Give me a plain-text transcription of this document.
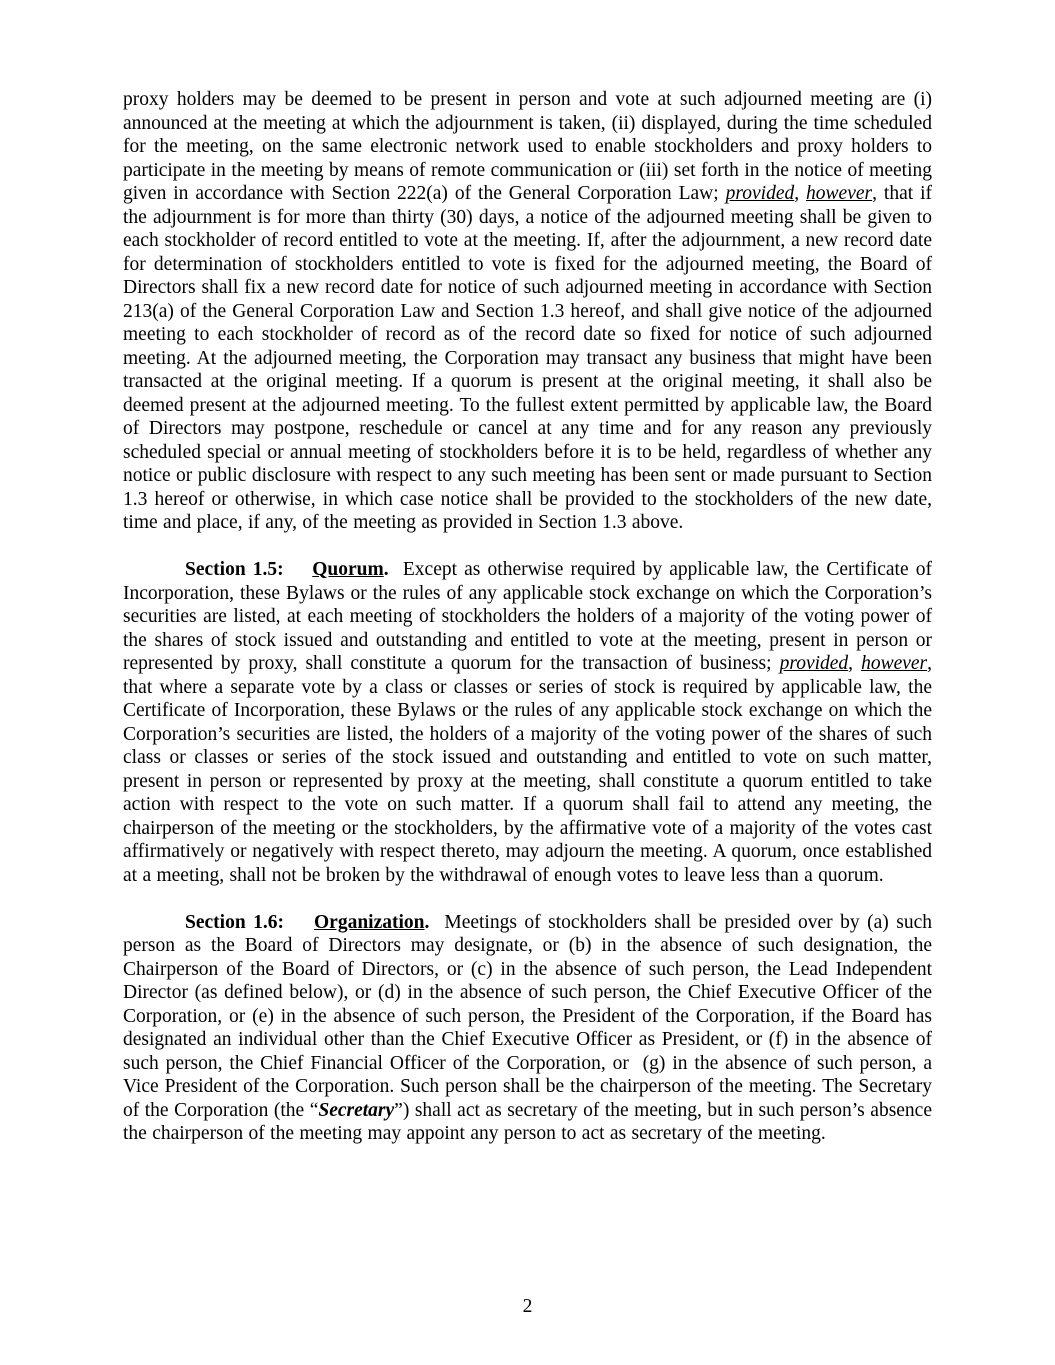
proxy holders may be deemed to be present in person and vote at such adjourned meeting are (i) announced at the meeting at which the adjournment is taken, (ii) displayed, during the time scheduled for the meeting, on the same electronic network used to enable stockholders and proxy holders to participate in the meeting by means of remote communication or (iii) set forth in the notice of meeting given in accordance with Section 222(a) of the General Corporation Law; provided, however, that if the adjournment is for more than thirty (30) days, a notice of the adjourned meeting shall be given to each stockholder of record entitled to vote at the meeting. If, after the adjournment, a new record date for determination of stockholders entitled to vote is fixed for the adjourned meeting, the Board of Directors shall fix a new record date for notice of such adjourned meeting in accordance with Section 213(a) of the General Corporation Law and Section 1.3 hereof, and shall give notice of the adjourned meeting to each stockholder of record as of the record date so fixed for notice of such adjourned meeting. At the adjourned meeting, the Corporation may transact any business that might have been transacted at the original meeting. If a quorum is present at the original meeting, it shall also be deemed present at the adjourned meeting. To the fullest extent permitted by applicable law, the Board of Directors may postpone, reschedule or cancel at any time and for any reason any previously scheduled special or annual meeting of stockholders before it is to be held, regardless of whether any notice or public disclosure with respect to any such meeting has been sent or made pursuant to Section 1.3 hereof or otherwise, in which case notice shall be provided to the stockholders of the new date, time and place, if any, of the meeting as provided in Section 1.3 above.

Section 1.5: Quorum.  Except as otherwise required by applicable law, the Certificate of Incorporation, these Bylaws or the rules of any applicable stock exchange on which the Corporation’s securities are listed, at each meeting of stockholders the holders of a majority of the voting power of the shares of stock issued and outstanding and entitled to vote at the meeting, present in person or represented by proxy, shall constitute a quorum for the transaction of business; provided, however, that where a separate vote by a class or classes or series of stock is required by applicable law, the Certificate of Incorporation, these Bylaws or the rules of any applicable stock exchange on which the Corporation’s securities are listed, the holders of a majority of the voting power of the shares of such class or classes or series of the stock issued and outstanding and entitled to vote on such matter, present in person or represented by proxy at the meeting, shall constitute a quorum entitled to take action with respect to the vote on such matter. If a quorum shall fail to attend any meeting, the chairperson of the meeting or the stockholders, by the affirmative vote of a majority of the votes cast affirmatively or negatively with respect thereto, may adjourn the meeting. A quorum, once established at a meeting, shall not be broken by the withdrawal of enough votes to leave less than a quorum.

Section 1.6: Organization.  Meetings of stockholders shall be presided over by (a) such person as the Board of Directors may designate, or (b) in the absence of such designation, the Chairperson of the Board of Directors, or (c) in the absence of such person, the Lead Independent Director (as defined below), or (d) in the absence of such person, the Chief Executive Officer of the Corporation, or (e) in the absence of such person, the President of the Corporation, if the Board has designated an individual other than the Chief Executive Officer as President, or (f) in the absence of such person, the Chief Financial Officer of the Corporation, or  (g) in the absence of such person, a Vice President of the Corporation. Such person shall be the chairperson of the meeting. The Secretary of the Corporation (the “Secretary”) shall act as secretary of the meeting, but in such person’s absence the chairperson of the meeting may appoint any person to act as secretary of the meeting.

2
